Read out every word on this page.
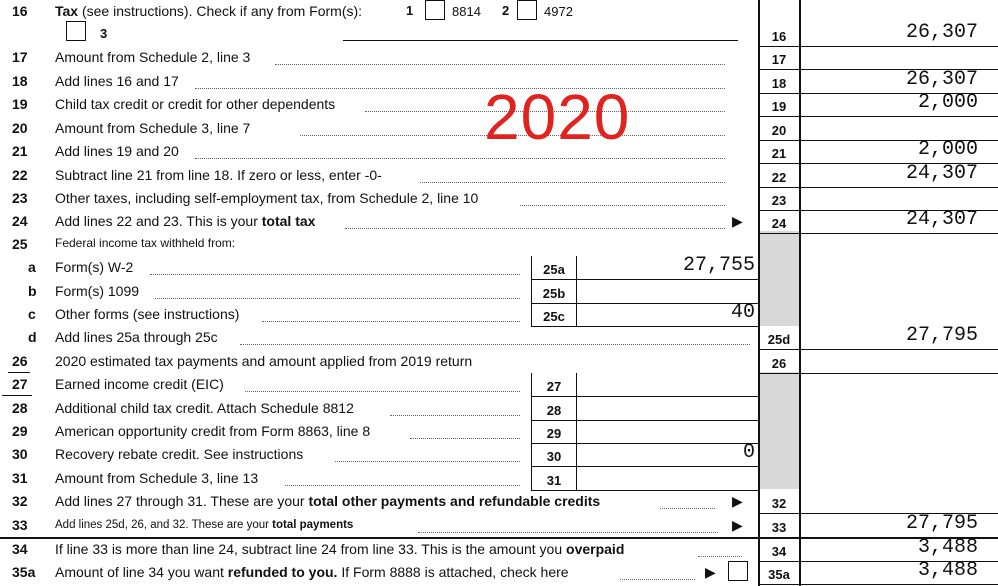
16 Tax (see instructions). Check if any from Form(s):	1	8814 2	4972
3	16	26,307
17 Amount from Schedule 2, line 3	17
18 Add lines 16 and 17	18	26,307
19 Child tax credit or credit for other dependents	19	2,000
20 Amount from Schedule 3, line 7	20
21 Add lines 19 and 20	21	2,000
22 Subtract line 21 from line 18. If zero or less, enter -0-	22	24,307
23 Other taxes, including self-employment tax, from Schedule 2, line 10	23
24 Add lines 22 and 23. This is your total tax	▶	24	24,307
25 Federal income tax withheld from:
a Form(s) W-2	25a	27,755
b Form(s) 1099	25b
c Other forms (see instructions)	25c	40
d Add lines 25a through 25c	25d	27,795
26 2020 estimated tax payments and amount applied from 2019 return	26
27 Earned income credit (EIC)	27
28 Additional child tax credit. Attach Schedule 8812	28
29 American opportunity credit from Form 8863, line 8	29
30 Recovery rebate credit. See instructions	30	0
31 Amount from Schedule 3, line 13	31
32 Add lines 27 through 31. These are your total other payments and refundable credits	▶	32
33 Add lines 25d, 26, and 32. These are your total payments	▶	33	27,795
34 If line 33 is more than line 24, subtract line 24 from line 33. This is the amount you overpaid	34	3,488
35a Amount of line 34 you want refunded to you. If Form 8888 is attached, check here	▶	35a	3,488
2020
